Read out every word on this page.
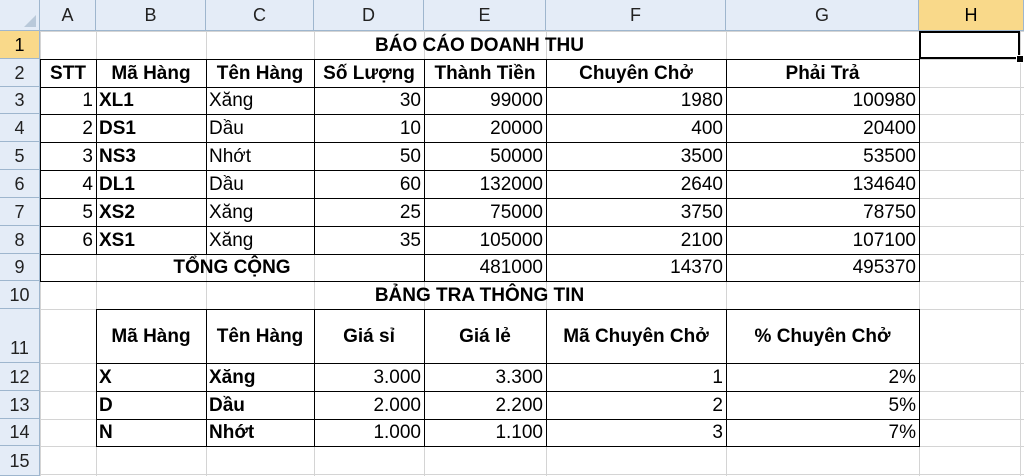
A	B	C	D	E	F	G	H
1
2
3
4
5
6
7
8
9
10
11
12
13
14
15
BÁO CÁO DOANH THU
STT	Mã Hàng	Tên Hàng	Số Lượng	Thành Tiền	Chuyên Chở	Phải Trả
1 XL1	Xăng	30	99000	1980	100980
2 DS1	Dầu	10	20000	400	20400
3 NS3	Nhớt	50	50000	3500	53500
4 DL1	Dầu	60	132000	2640	134640
5 XS2	Xăng	25	75000	3750	78750
6 XS1	Xăng	35	105000	2100	107100
TỔNG CỘNG	481000	14370	495370
BẢNG TRA THÔNG TIN
Mã Hàng	Tên Hàng	Giá sỉ	Giá lẻ	Mã Chuyên Chở	% Chuyên Chở
X	Xăng	3.000	3.300	1	2%
D	Dầu	2.000	2.200	2	5%
N	Nhớt	1.000	1.100	3	7%
